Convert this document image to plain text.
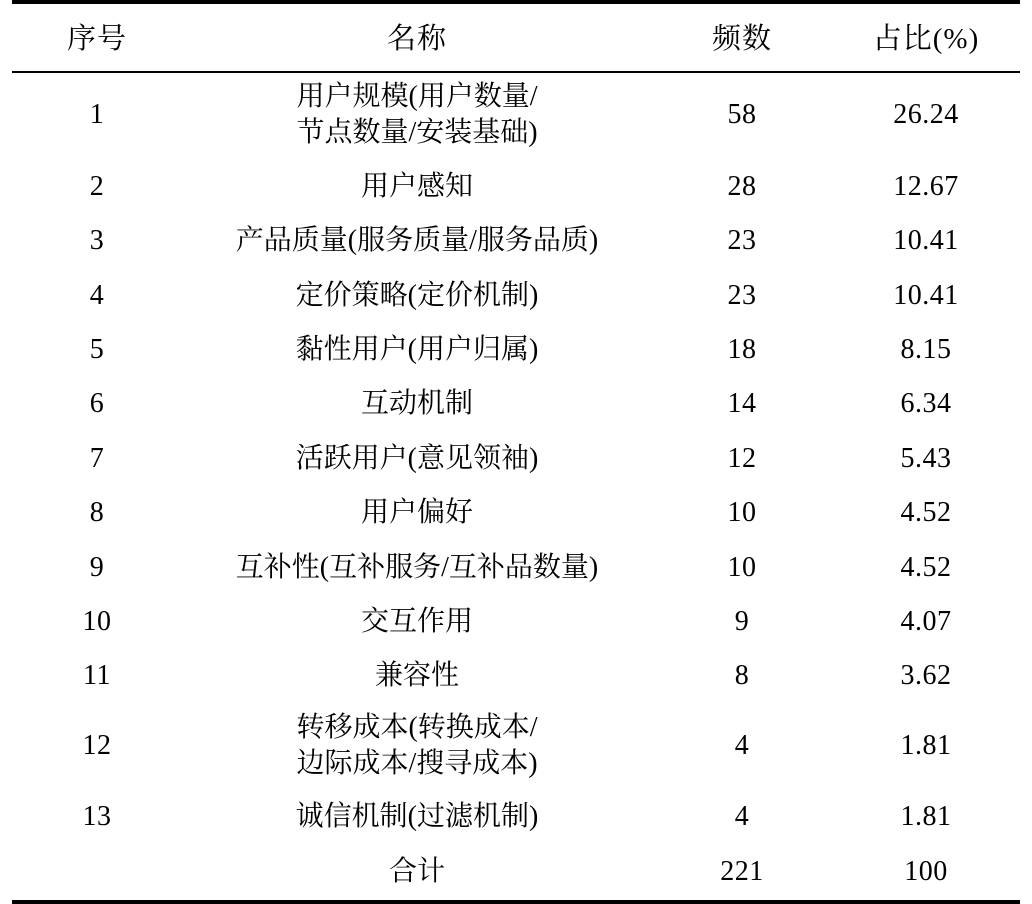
序号	名称	频数	占比(%)
1	用户规模(用户数量/
节点数量/安装基础)	58	26.24
2	用户感知	28	12.67
3	产品质量(服务质量/服务品质)	23	10.41
4	定价策略(定价机制)	23	10.41
5	黏性用户(用户归属)	18	8.15
6	互动机制	14	6.34
7	活跃用户(意见领袖)	12	5.43
8	用户偏好	10	4.52
9	互补性(互补服务/互补品数量)	10	4.52
10	交互作用	9	4.07
11	兼容性	8	3.62
12	转移成本(转换成本/
边际成本/搜寻成本)	4	1.81
13	诚信机制(过滤机制)	4	1.81
	合计	221	100
